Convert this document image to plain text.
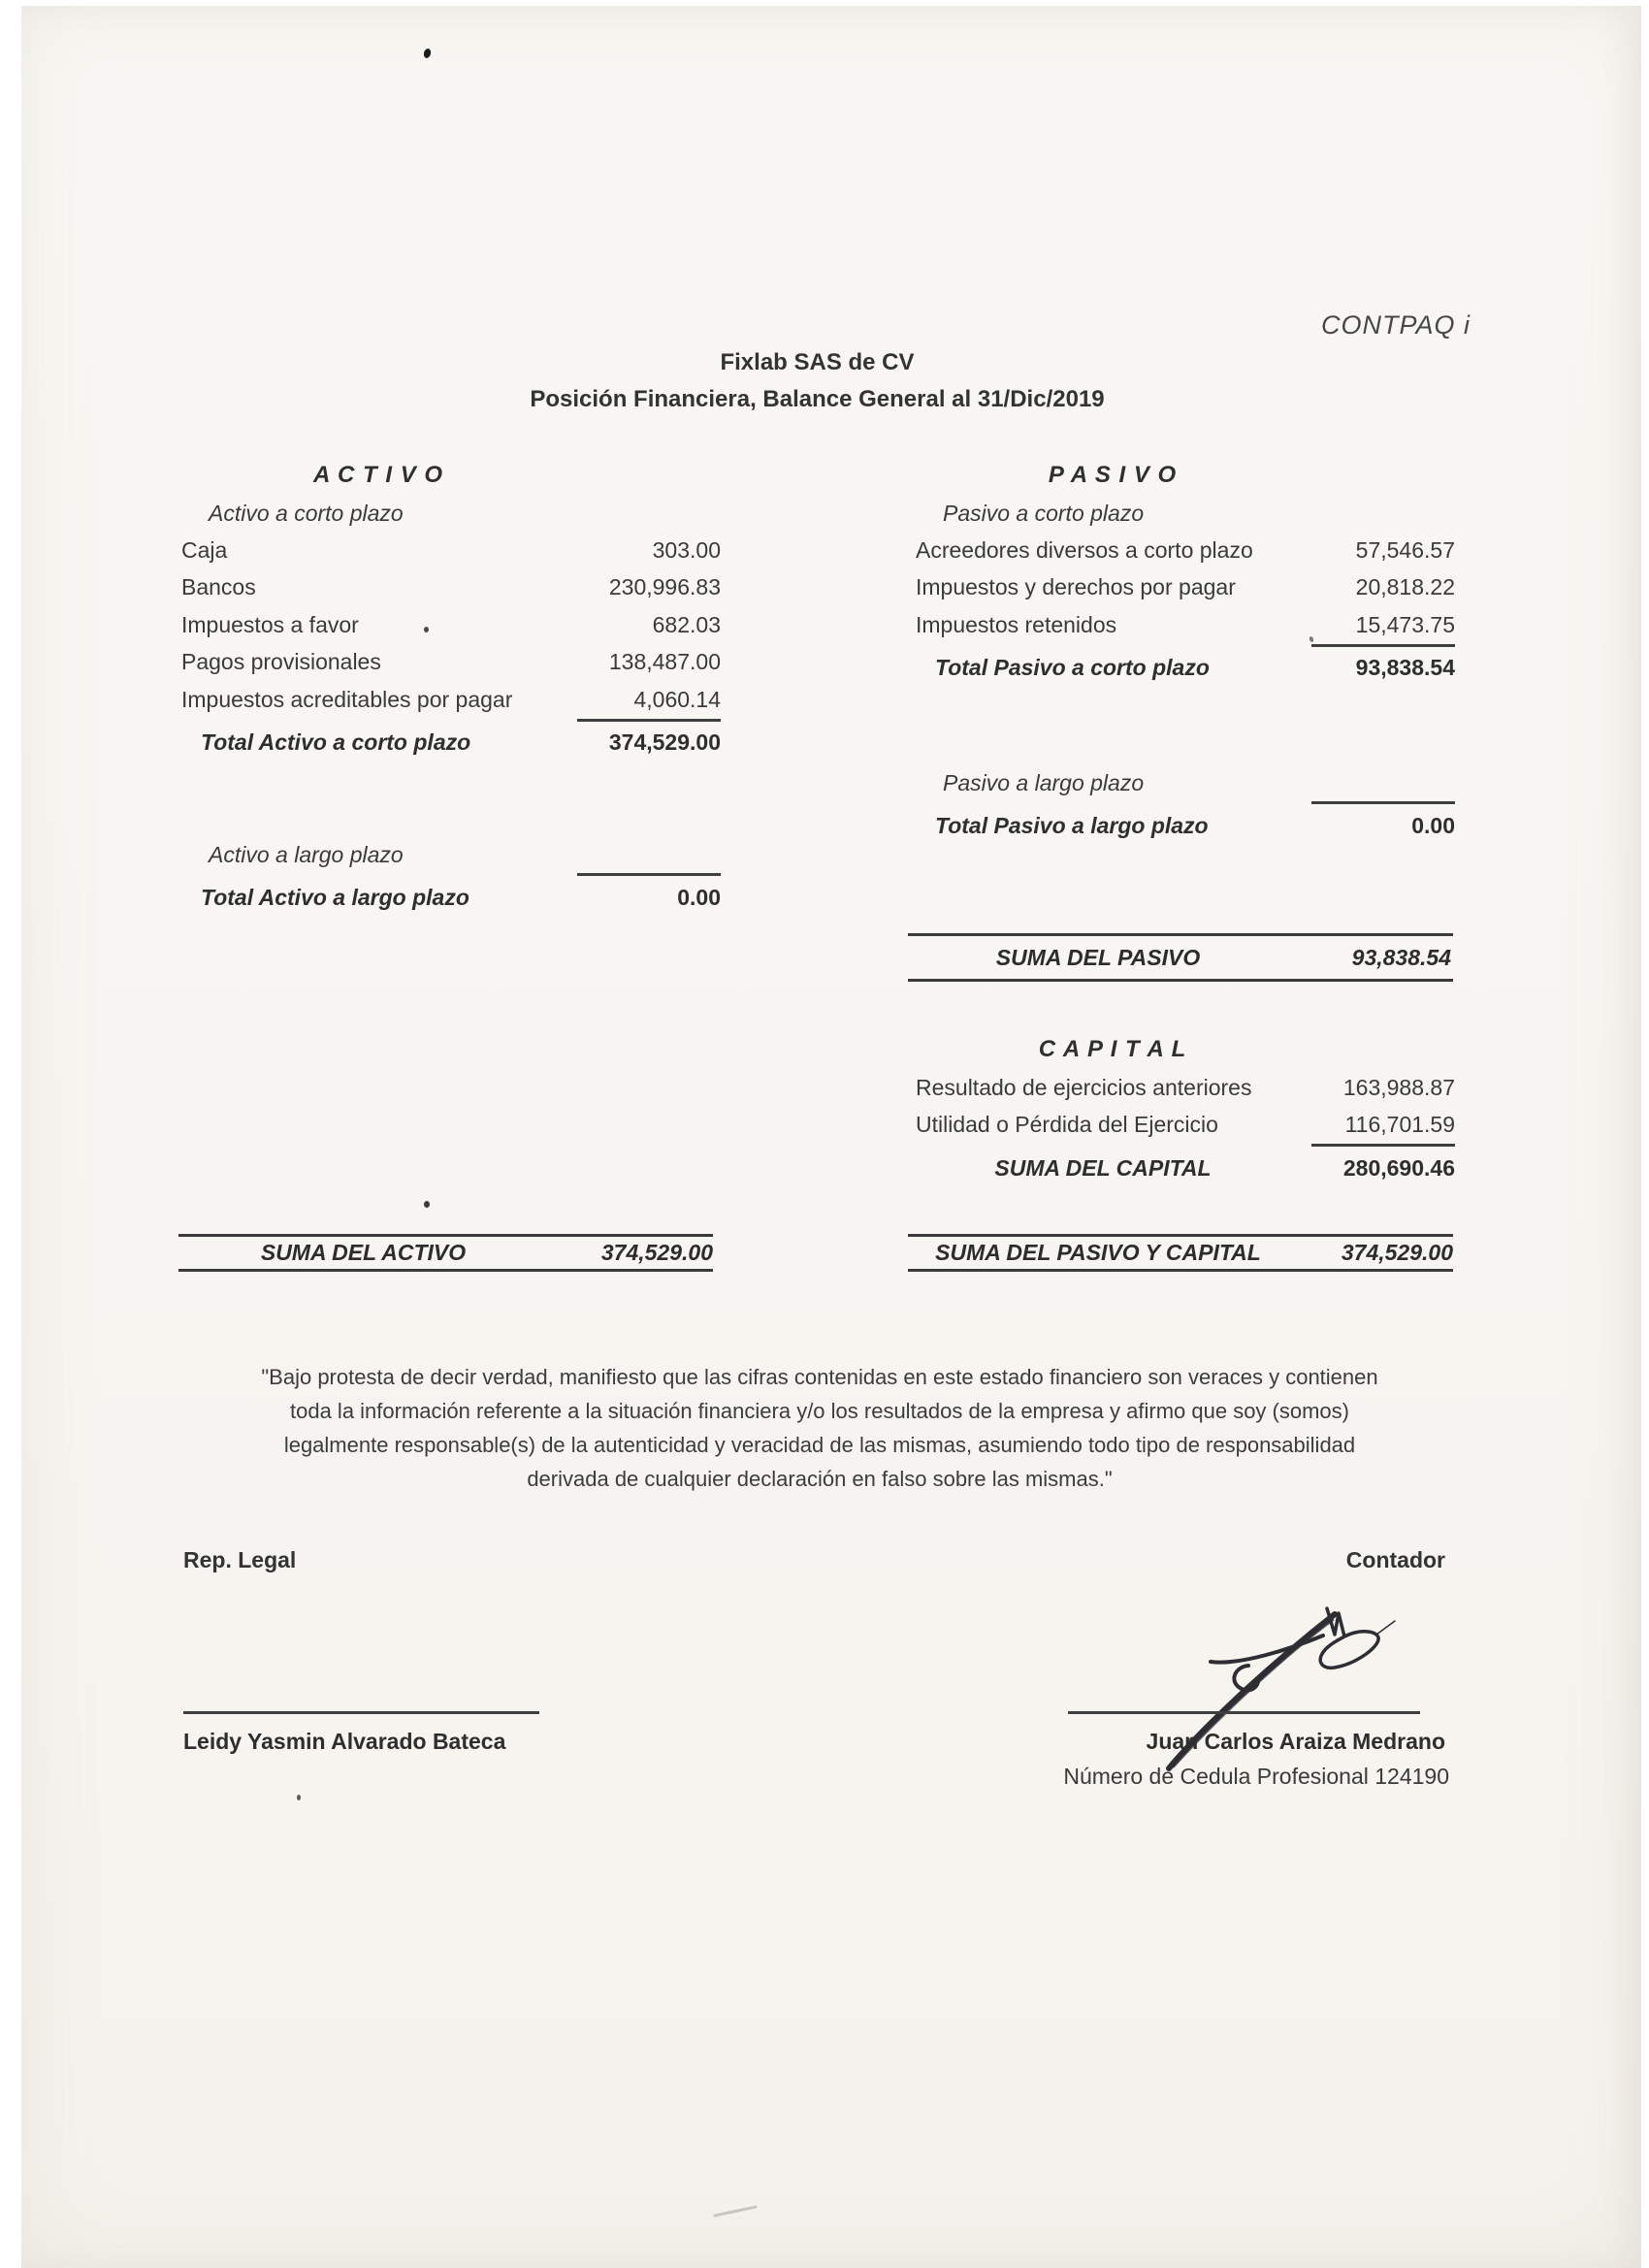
CONTPAQ i
Fixlab SAS de CV
Posición Financiera, Balance General al 31/Dic/2019
A C T I V O
Activo a corto plazo
Caja	303.00
Bancos	230,996.83
Impuestos a favor	682.03
Pagos provisionales	138,487.00
Impuestos acreditables por pagar	4,060.14
Total Activo a corto plazo	374,529.00
Activo a largo plazo
Total Activo a largo plazo	0.00
P A S I V O
Pasivo a corto plazo
Acreedores diversos a corto plazo	57,546.57
Impuestos y derechos por pagar	20,818.22
Impuestos retenidos	15,473.75
Total Pasivo a corto plazo	93,838.54
Pasivo a largo plazo
Total Pasivo a largo plazo	0.00
SUMA DEL PASIVO	93,838.54
C A P I T A L
Resultado de ejercicios anteriores	163,988.87
Utilidad o Pérdida del Ejercicio	116,701.59
SUMA DEL CAPITAL	280,690.46
SUMA DEL ACTIVO	374,529.00	SUMA DEL PASIVO Y CAPITAL	374,529.00
"Bajo protesta de decir verdad, manifiesto que las cifras contenidas en este estado financiero son veraces y contienen
toda la información referente a la situación financiera y/o los resultados de la empresa y afirmo que soy (somos)
legalmente responsable(s) de la autenticidad y veracidad de las mismas, asumiendo todo tipo de responsabilidad
derivada de cualquier declaración en falso sobre las mismas."
Rep. Legal	Contador
Leidy Yasmin Alvarado Bateca	Juan Carlos Araiza Medrano
Número de Cedula Profesional 124190
